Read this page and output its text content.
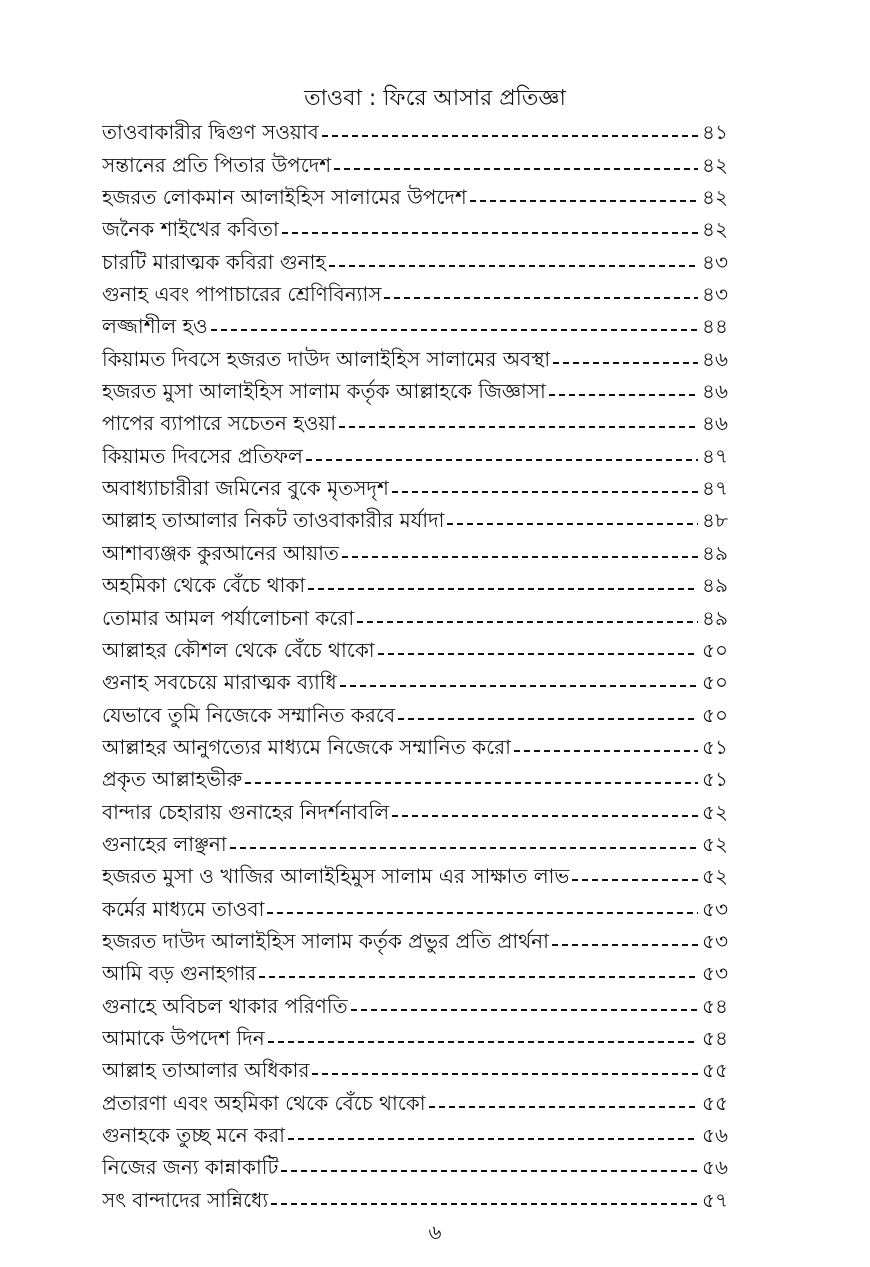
তাওবা : ফিরে আসার প্রতিজ্ঞা
তাওবাকারীর দ্বিগুণ সওয়াব	৪১
সন্তানের প্রতি পিতার উপদেশ	৪২
হজরত লোকমান আলাইহিস সালামের উপদেশ	৪২
জনৈক শাইখের কবিতা	৪২
চারটি মারাত্মক কবিরা গুনাহ	৪৩
গুনাহ এবং পাপাচারের শ্রেণিবিন্যাস	৪৩
লজ্জাশীল হও	৪৪
কিয়ামত দিবসে হজরত দাউদ আলাইহিস সালামের অবস্থা	৪৬
হজরত মুসা আলাইহিস সালাম কর্তৃক আল্লাহকে জিজ্ঞাসা	৪৬
পাপের ব্যাপারে সচেতন হওয়া	৪৬
কিয়ামত দিবসের প্রতিফল	৪৭
অবাধ্যাচারীরা জমিনের বুকে মৃতসদৃশ	৪৭
আল্লাহ তাআলার নিকট তাওবাকারীর মর্যাদা	৪৮
আশাব্যঞ্জক কুরআনের আয়াত	৪৯
অহমিকা থেকে বেঁচে থাকা	৪৯
তোমার আমল পর্যালোচনা করো	৪৯
আল্লাহর কৌশল থেকে বেঁচে থাকো	৫০
গুনাহ সবচেয়ে মারাত্মক ব্যাধি	৫০
যেভাবে তুমি নিজেকে সম্মানিত করবে	৫০
আল্লাহর আনুগত্যের মাধ্যমে নিজেকে সম্মানিত করো	৫১
প্রকৃত আল্লাহভীরু	৫১
বান্দার চেহারায় গুনাহের নিদর্শনাবলি	৫২
গুনাহের লাঞ্ছনা	৫২
হজরত মুসা ও খাজির আলাইহিমুস সালাম এর সাক্ষাত লাভ	৫২
কর্মের মাধ্যমে তাওবা	৫৩
হজরত দাউদ আলাইহিস সালাম কর্তৃক প্রভুর প্রতি প্রার্থনা	৫৩
আমি বড় গুনাহগার	৫৩
গুনাহে অবিচল থাকার পরিণতি	৫৪
আমাকে উপদেশ দিন	৫৪
আল্লাহ তাআলার অধিকার	৫৫
প্রতারণা এবং অহমিকা থেকে বেঁচে থাকো	৫৫
গুনাহকে তুচ্ছ মনে করা	৫৬
নিজের জন্য কান্নাকাটি	৫৬
সৎ বান্দাদের সান্নিধ্যে	৫৭
৬
